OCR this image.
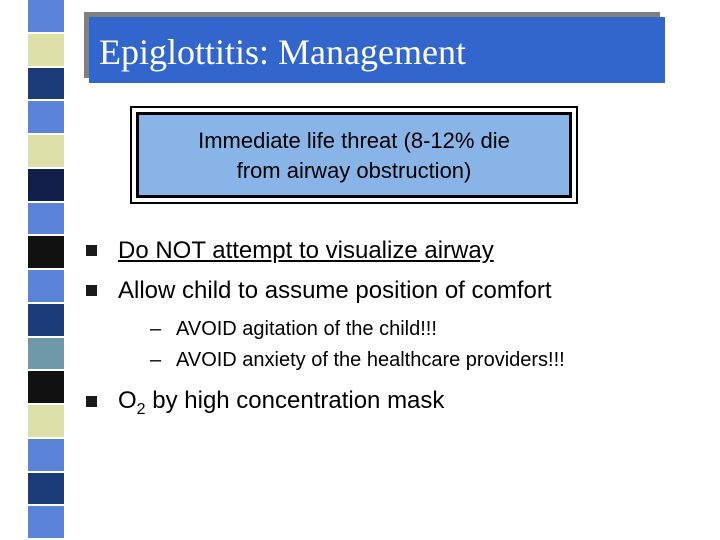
Epiglottitis: Management
Immediate life threat (8-12% die
from airway obstruction)
Do NOT attempt to visualize airway
Allow child to assume position of comfort
– AVOID agitation of the child!!!
– AVOID anxiety of the healthcare providers!!!
$O_2$ by high concentration mask
